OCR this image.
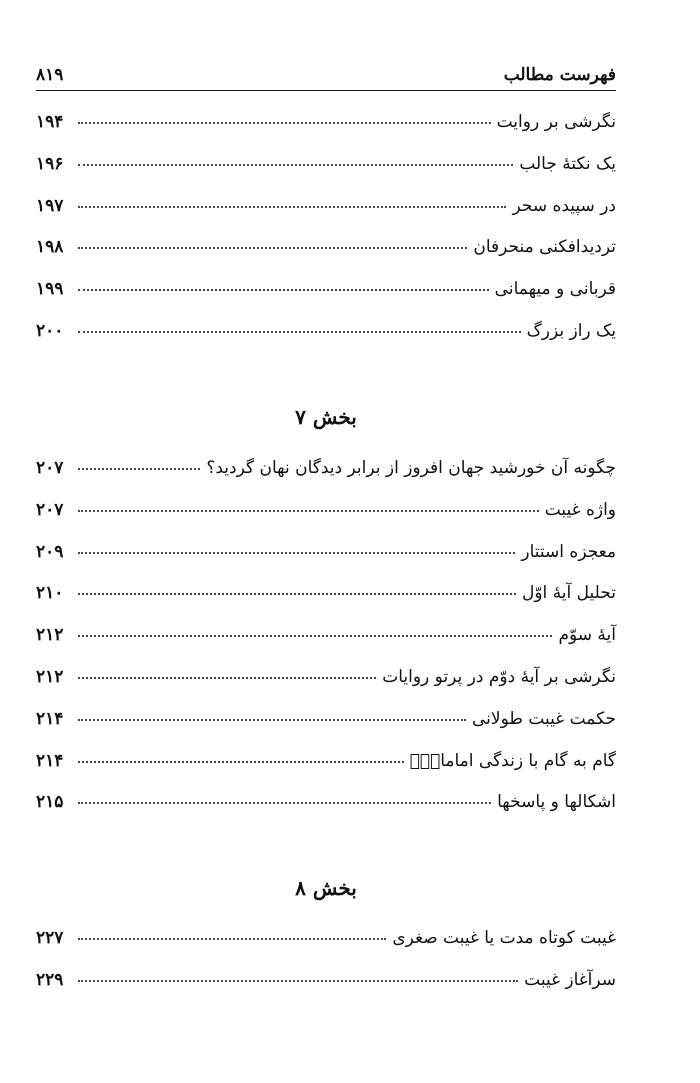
فهرست مطالب
۸۱۹
نگرشی بر روایت
۱۹۴
یک نکتهٔ جالب
۱۹۶
در سپیده سحر
۱۹۷
تردیدافکنی منحرفان
۱۹۸
قربانی و میهمانی
۱۹۹
یک راز بزرگ
۲۰۰
بخش ۷
چگونه آن خورشید جهان افروز از برابر دیدگان نهان گردید؟
۲۰۷
واژه غیبت
۲۰۷
معجزه استتار
۲۰۹
تحلیل آیهٔ اوّل
۲۱۰
آیهٔ سوّم
۲۱۲
نگرشی بر آیهٔ دوّم در پرتو روایات
۲۱۲
حکمت غیبت طولانی
۲۱۴
گام به گام با زندگی امامانؐؒ
۲۱۴
اشکالها و پاسخها
۲۱۵
بخش ۸
غیبت کوتاه مدت یا غیبت صغری
۲۲۷
سرآغاز غیبت
۲۲۹
